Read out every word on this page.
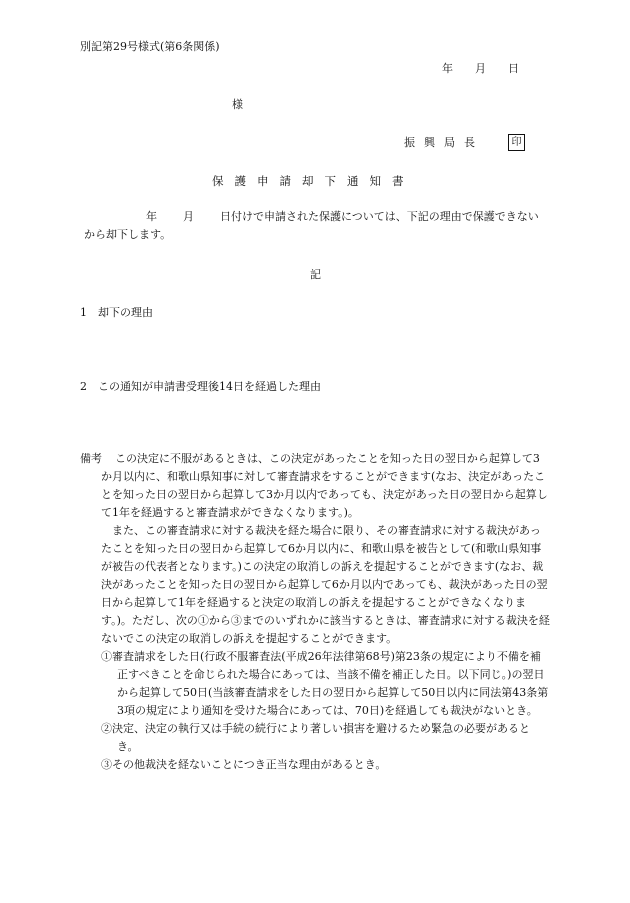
別記第29号様式(第6条関係)
年 月 日
様
振興局長	印
保護申請却下通知書
年 月 日付けで申請された保護については、下記の理由で保護できないから却下します。
記
1　却下の理由
2　この通知が申請書受理後14日を経過した理由

備考 この決定に不服があるときは、この決定があったことを知った日の翌日から起算して3か月以内に、和歌山県知事に対して審査請求をすることができます(なお、決定があったことを知った日の翌日から起算して3か月以内であっても、決定があった日の翌日から起算して1年を経過すると審査請求ができなくなります。)。

また、この審査請求に対する裁決を経た場合に限り、その審査請求に対する裁決があったことを知った日の翌日から起算して6か月以内に、和歌山県を被告として(和歌山県知事が被告の代表者となります。)この決定の取消しの訴えを提起することができます(なお、裁決があったことを知った日の翌日から起算して6か月以内であっても、裁決があった日の翌日から起算して1年を経過すると決定の取消しの訴えを提起することができなくなります。)。ただし、次の①から③までのいずれかに該当するときは、審査請求に対する裁決を経ないでこの決定の取消しの訴えを提起することができます。

①審査請求をした日(行政不服審査法(平成26年法律第68号)第23条の規定により不備を補正すべきことを命じられた場合にあっては、当該不備を補正した日。以下同じ。)の翌日から起算して50日(当該審査請求をした日の翌日から起算して50日以内に同法第43条第3項の規定により通知を受けた場合にあっては、70日)を経過しても裁決がないとき。

②決定、決定の執行又は手続の続行により著しい損害を避けるため緊急の必要があるとき。

③その他裁決を経ないことにつき正当な理由があるとき。
